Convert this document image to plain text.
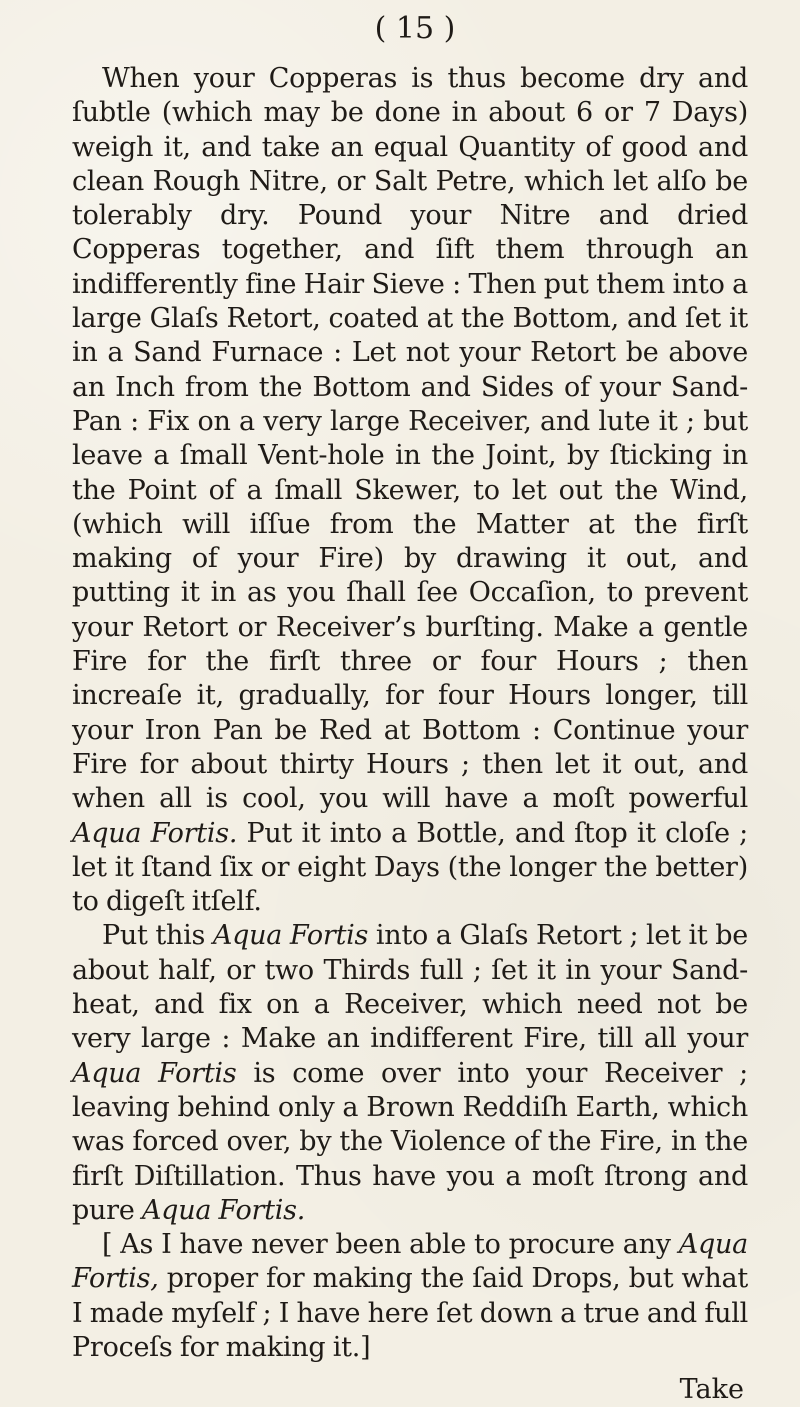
( 15 )

When your Copperas is thus become dry and ſubtle (which may be done in about 6 or 7 Days) weigh it, and take an equal Quantity of good and clean Rough Nitre, or Salt Petre, which let alſo be tolerably dry. Pound your Nitre and dried Copperas together, and ſift them through an indifferently fine Hair Sieve : Then put them into a large Glaſs Retort, coated at the Bottom, and ſet it in a Sand Furnace : Let not your Retort be above an Inch from the Bottom and Sides of your Sand-Pan : Fix on a very large Receiver, and lute it ; but leave a ſmall Vent-hole in the Joint, by ſticking in the Point of a ſmall Skewer, to let out the Wind, (which will iſſue from the Matter at the firſt making of your Fire) by drawing it out, and putting it in as you ſhall ſee Occaſion, to prevent your Retort or Receiver’s burſting. Make a gentle Fire for the firſt three or four Hours ; then increaſe it, gradually, for four Hours longer, till your Iron Pan be Red at Bottom : Continue your Fire for about thirty Hours ; then let it out, and when all is cool, you will have a moſt powerful Aqua Fortis. Put it into a Bottle, and ſtop it cloſe ; let it ſtand ſix or eight Days (the longer the better) to digeſt itſelf.

Put this Aqua Fortis into a Glaſs Retort ; let it be about half, or two Thirds full ; ſet it in your Sand-heat, and fix on a Receiver, which need not be very large : Make an indifferent Fire, till all your Aqua Fortis is come over into your Receiver ; leaving behind only a Brown Reddiſh Earth, which was forced over, by the Violence of the Fire, in the firſt Diſtillation. Thus have you a moſt ſtrong and pure Aqua Fortis.

[ As I have never been able to procure any Aqua Fortis, proper for making the ſaid Drops, but what I made myſelf ; I have here ſet down a true and full Proceſs for making it.]

Take
